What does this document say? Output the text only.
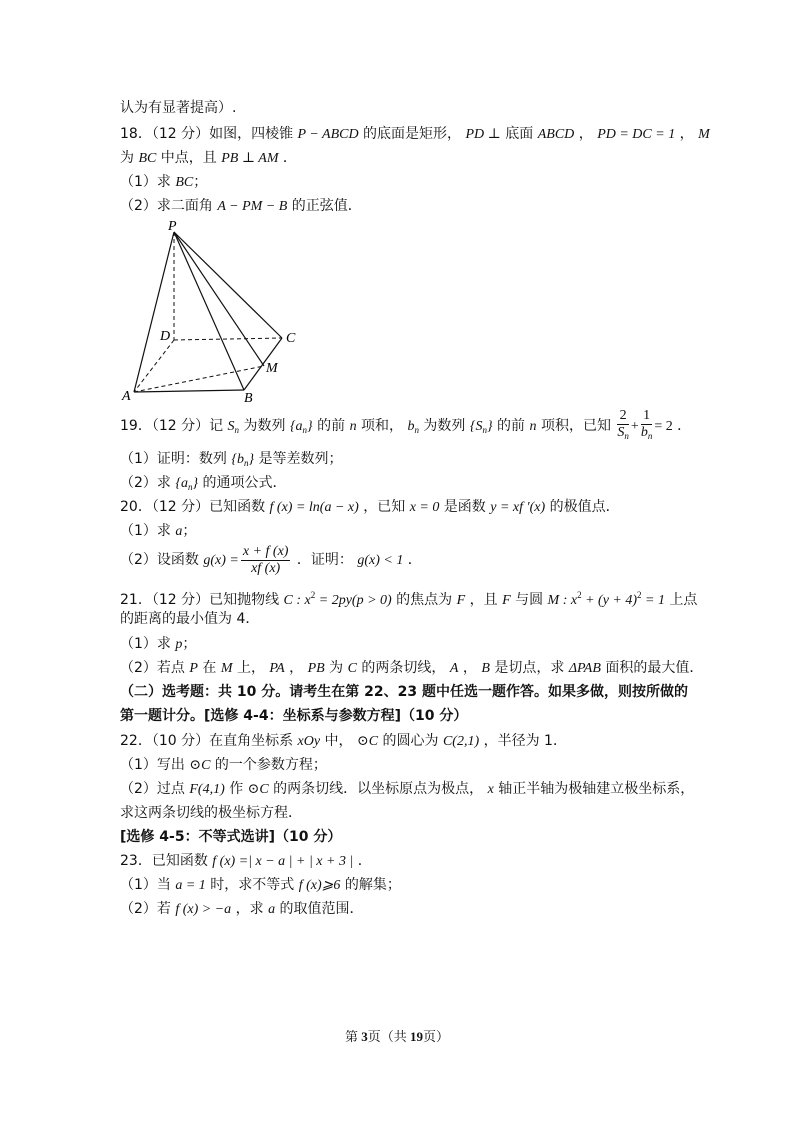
认为有显著提高）.
18．（12 分）如图，四棱锥 P − ABCD 的底面是矩形， PD ⊥ 底面 ABCD ， PD = DC = 1 ， M
为 BC 中点，且 PB ⊥ AM ．
（1）求 BC；
（2）求二面角 A − PM − B 的正弦值．
P
D	C
M
A	B
19．（12 分）记 $S_n$ 为数列 $\{a_n\}$ 的前 n 项和， $b_n$ 为数列 $\{S_n\}$ 的前 n 项积，已知 $\frac{2}{S_n} + \frac{1}{b_n} = 2$ ．
（1）证明：数列 $\{b_n\}$ 是等差数列；
（2）求 $\{a_n\}$ 的通项公式．
20．（12 分）已知函数 f (x) = ln(a − x) ，已知 x = 0 是函数 y = xf ′(x) 的极值点．
（1）求 a；
（2）设函数 $g(x) = \frac{x + f (x)}{xf (x)}$ ．证明： g(x) < 1 ．
21．（12 分）已知抛物线 C : $x^2 = 2py(p > 0)$ 的焦点为 F ，且 F 与圆 M : $x^2 + (y + 4)^2 = 1$ 上点
的距离的最小值为 4．
（1）求 p；
（2）若点 P 在 M 上， PA ， PB 为 C 的两条切线， A ， B 是切点，求 ΔPAB 面积的最大值．
（二）选考题：共 10 分。请考生在第 22、23 题中任选一题作答。如果多做，则按所做的
第一题计分。[选修 4-4：坐标系与参数方程]（10 分）
22．（10 分）在直角坐标系 xOy 中， ⊙C 的圆心为 C(2,1) ，半径为 1．
（1）写出 ⊙C 的一个参数方程；
（2）过点 F(4,1) 作 ⊙C 的两条切线．以坐标原点为极点， x 轴正半轴为极轴建立极坐标系，
求这两条切线的极坐标方程．
[选修 4-5：不等式选讲]（10 分）
23．已知函数 f (x) =| x − a | + | x + 3 | ．
（1）当 a = 1 时，求不等式 f (x)⩾6 的解集；
（2）若 f (x) > −a ，求 a 的取值范围．
第 3页（共 19页）
